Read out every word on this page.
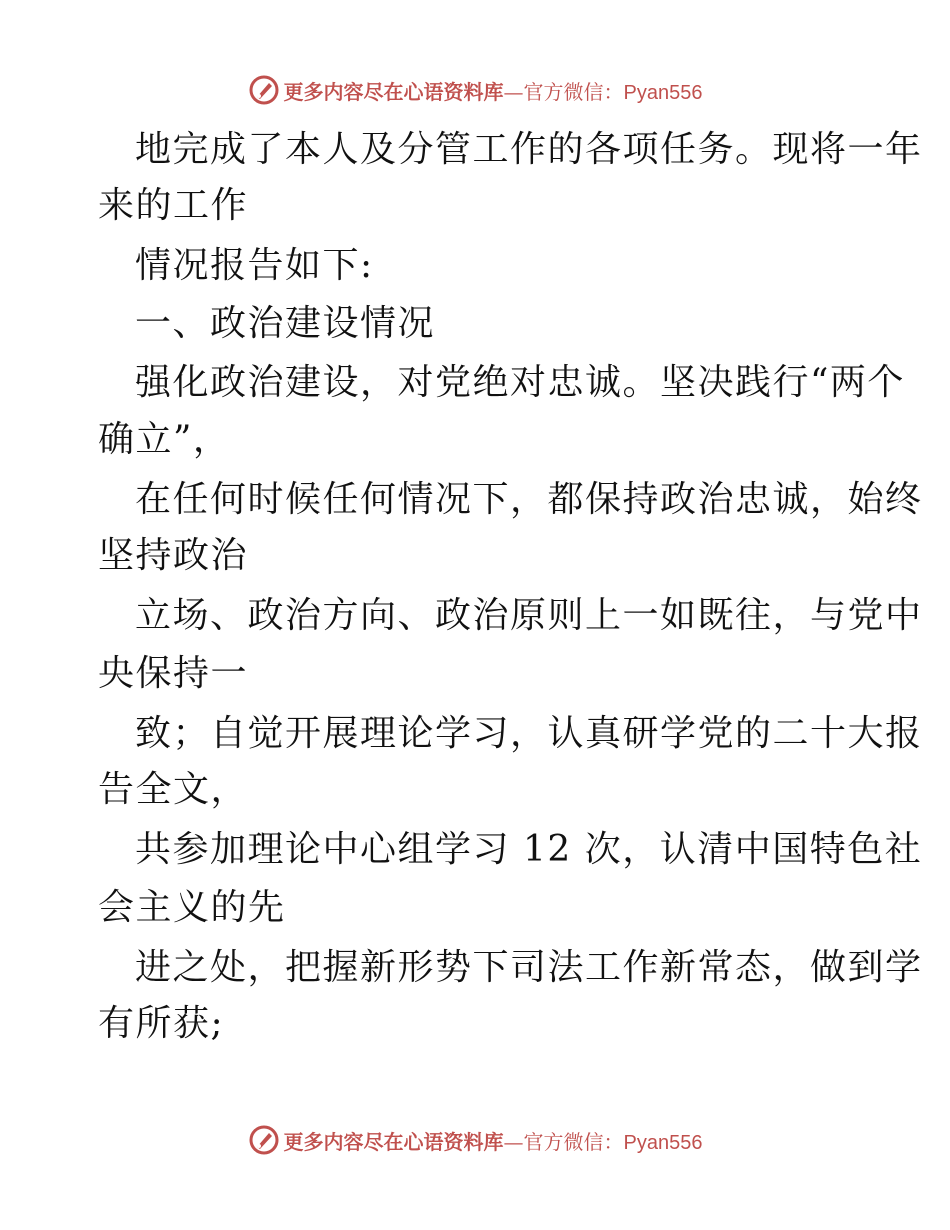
更多内容尽在心语资料库—官方微信：Pyan556
地完成了本人及分管工作的各项任务。现将一年
来的工作
情况报告如下:
一、政治建设情况
强化政治建设，对党绝对忠诚。坚决践行“两个
确立”，
在任何时候任何情况下，都保持政治忠诚，始终
坚持政治
立场、政治方向、政治原则上一如既往，与党中
央保持一
致；自觉开展理论学习，认真研学党的二十大报
告全文，
共参加理论中心组学习 12 次，认清中国特色社
会主义的先
进之处，把握新形势下司法工作新常态，做到学
有所获;
更多内容尽在心语资料库—官方微信：Pyan556
